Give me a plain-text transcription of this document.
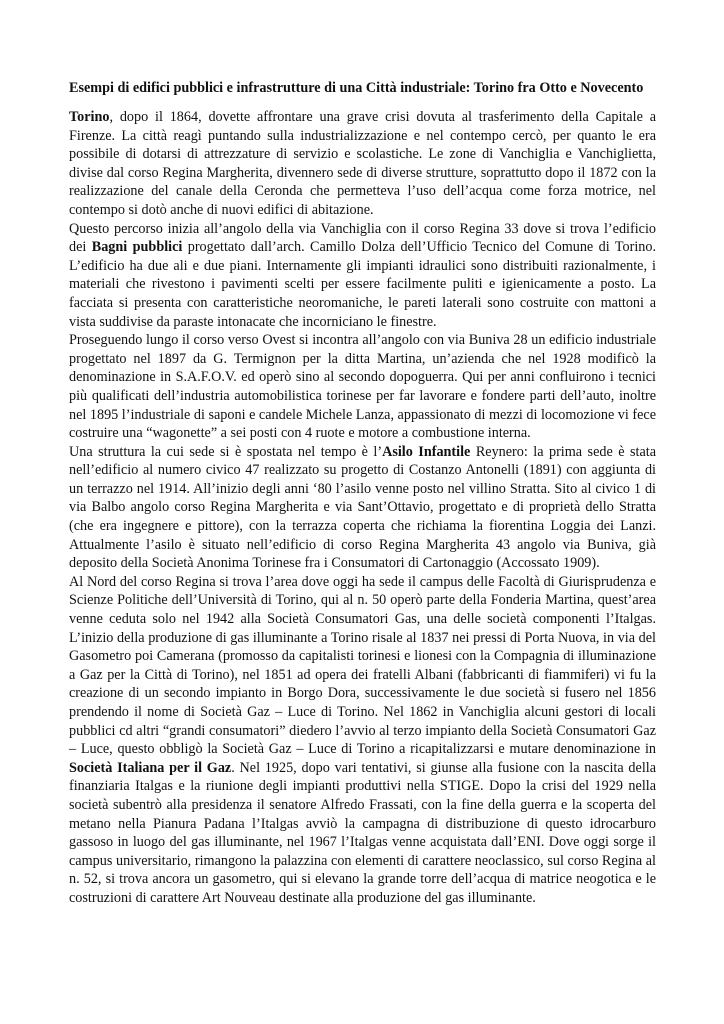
Esempi di edifici pubblici e infrastrutture di una Città industriale: Torino fra Otto e Novecento

Torino, dopo il 1864, dovette affrontare una grave crisi dovuta al trasferimento della Capitale a Firenze. La città reagì puntando sulla industrializzazione e nel contempo cercò, per quanto le era possibile di dotarsi di attrezzature di servizio e scolastiche. Le zone di Vanchiglia e Vanchiglietta, divise dal corso Regina Margherita, divennero sede di diverse strutture, soprattutto dopo il 1872 con la realizzazione del canale della Ceronda che permetteva l’uso dell’acqua come forza motrice, nel contempo si dotò anche di nuovi edifici di abitazione.

Questo percorso inizia all’angolo della via Vanchiglia con il corso Regina 33 dove si trova l’edificio dei Bagni pubblici progettato dall’arch. Camillo Dolza dell’Ufficio Tecnico del Comune di Torino. L’edificio ha due ali e due piani. Internamente gli impianti idraulici sono distribuiti razionalmente, i materiali che rivestono i pavimenti scelti per essere facilmente puliti e igienicamente a posto. La facciata si presenta con caratteristiche neoromaniche, le pareti laterali sono costruite con mattoni a vista suddivise da paraste intonacate che incorniciano le finestre.

Proseguendo lungo il corso verso Ovest si incontra all’angolo con via Buniva 28 un edificio industriale progettato nel 1897 da G. Termignon per la ditta Martina, un’azienda che nel 1928 modificò la denominazione in S.A.F.O.V. ed operò sino al secondo dopoguerra. Qui per anni confluirono i tecnici più qualificati dell’industria automobilistica torinese per far lavorare e fondere parti dell’auto, inoltre nel 1895 l’industriale di saponi e candele Michele Lanza, appassionato di mezzi di locomozione vi fece costruire una “wagonette” a sei posti con 4 ruote e motore a combustione interna.

Una struttura la cui sede si è spostata nel tempo è l’Asilo Infantile Reynero: la prima sede è stata nell’edificio al numero civico 47 realizzato su progetto di Costanzo Antonelli (1891) con aggiunta di un terrazzo nel 1914. All’inizio degli anni ‘80 l’asilo venne posto nel villino Stratta. Sito al civico 1 di via Balbo angolo corso Regina Margherita e via Sant’Ottavio, progettato e di proprietà dello Stratta (che era ingegnere e pittore), con la terrazza coperta che richiama la fiorentina Loggia dei Lanzi. Attualmente l’asilo è situato nell’edificio di corso Regina Margherita 43 angolo via Buniva, già deposito della Società Anonima Torinese fra i Consumatori di Cartonaggio (Accossato 1909).

Al Nord del corso Regina si trova l’area dove oggi ha sede il campus delle Facoltà di Giurisprudenza e Scienze Politiche dell’Università di Torino, qui al n. 50 operò parte della Fonderia Martina, quest’area venne ceduta solo nel 1942 alla Società Consumatori Gas, una delle società componenti l’Italgas. L’inizio della produzione di gas illuminante a Torino risale al 1837 nei pressi di Porta Nuova, in via del Gasometro poi Camerana (promosso da capitalisti torinesi e lionesi con la Compagnia di illuminazione a Gaz per la Città di Torino), nel 1851 ad opera dei fratelli Albani (fabbricanti di fiammiferi) vi fu la creazione di un secondo impianto in Borgo Dora, successivamente le due società si fusero nel 1856 prendendo il nome di Società Gaz – Luce di Torino. Nel 1862 in Vanchiglia alcuni gestori di locali pubblici cd altri “grandi consumatori” diedero l’avvio al terzo impianto della Società Consumatori Gaz – Luce, questo obbligò la Società Gaz – Luce di Torino a ricapitalizzarsi e mutare denominazione in Società Italiana per il Gaz. Nel 1925, dopo vari tentativi, si giunse alla fusione con la nascita della finanziaria Italgas e la riunione degli impianti produttivi nella STIGE. Dopo la crisi del 1929 nella società subentrò alla presidenza il senatore Alfredo Frassati, con la fine della guerra e la scoperta del metano nella Pianura Padana l’Italgas avviò la campagna di distribuzione di questo idrocarburo gassoso in luogo del gas illuminante, nel 1967 l’Italgas venne acquistata dall’ENI. Dove oggi sorge il campus universitario, rimangono la palazzina con elementi di carattere neoclassico, sul corso Regina al n. 52, si trova ancora un gasometro, qui si elevano la grande torre dell’acqua di matrice neogotica e le costruzioni di carattere Art Nouveau destinate alla produzione del gas illuminante.
